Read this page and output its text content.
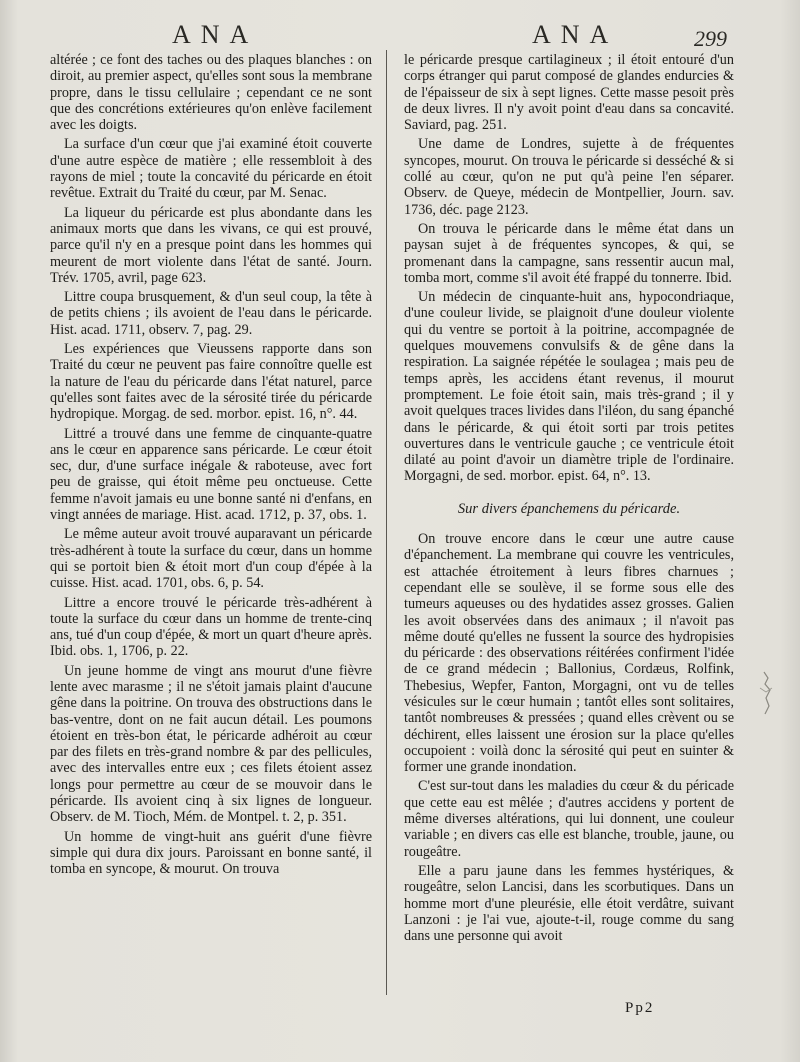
ANA	ANA	299

altérée ; ce font des taches ou des plaques blanches : on diroit, au premier aspect, qu'elles sont sous la membrane propre, dans le tissu cellulaire ; cependant ce ne sont que des concrétions extérieures qu'on enlève facilement avec les doigts.

La surface d'un cœur que j'ai examiné étoit couverte d'une autre espèce de matière ; elle ressembloit à des rayons de miel ; toute la concavité du péricarde en étoit revêtue. Extrait du Traité du cœur, par M. Senac.

La liqueur du péricarde est plus abondante dans les animaux morts que dans les vivans, ce qui est prouvé, parce qu'il n'y en a presque point dans les hommes qui meurent de mort violente dans l'état de santé. Journ. Trév. 1705, avril, page 623.

Littre coupa brusquement, & d'un seul coup, la tête à de petits chiens ; ils avoient de l'eau dans le péricarde. Hist. acad. 1711, observ. 7, pag. 29.

Les expériences que Vieussens rapporte dans son Traité du cœur ne peuvent pas faire connoître quelle est la nature de l'eau du péricarde dans l'état naturel, parce qu'elles sont faites avec de la sérosité tirée du péricarde hydropique. Morgag. de sed. morbor. epist. 16, n°. 44.

Littré a trouvé dans une femme de cinquante-quatre ans le cœur en apparence sans péricarde. Le cœur étoit sec, dur, d'une surface inégale & raboteuse, avec fort peu de graisse, qui étoit même peu onctueuse. Cette femme n'avoit jamais eu une bonne santé ni d'enfans, en vingt années de mariage. Hist. acad. 1712, p. 37, obs. 1.

Le même auteur avoit trouvé auparavant un péricarde très-adhérent à toute la surface du cœur, dans un homme qui se portoit bien & étoit mort d'un coup d'épée à la cuisse. Hist. acad. 1701, obs. 6, p. 54.

Littre a encore trouvé le péricarde très-adhérent à toute la surface du cœur dans un homme de trente-cinq ans, tué d'un coup d'épée, & mort un quart d'heure après. Ibid. obs. 1, 1706, p. 22.

Un jeune homme de vingt ans mourut d'une fièvre lente avec marasme ; il ne s'étoit jamais plaint d'aucune gêne dans la poitrine. On trouva des obstructions dans le bas-ventre, dont on ne fait aucun détail. Les poumons étoient en très-bon état, le péricarde adhéroit au cœur par des filets en très-grand nombre & par des pellicules, avec des intervalles entre eux ; ces filets étoient assez longs pour permettre au cœur de se mouvoir dans le péricarde. Ils avoient cinq à six lignes de longueur. Observ. de M. Tioch, Mém. de Montpel. t. 2, p. 351.

Un homme de vingt-huit ans guérit d'une fièvre simple qui dura dix jours. Paroissant en bonne santé, il tomba en syncope, & mourut. On trouva

le péricarde presque cartilagineux ; il étoit entouré d'un corps étranger qui parut composé de glandes endurcies & de l'épaisseur de six à sept lignes. Cette masse pesoit près de deux livres. Il n'y avoit point d'eau dans sa concavité. Saviard, pag. 251.

Une dame de Londres, sujette à de fréquentes syncopes, mourut. On trouva le péricarde si desséché & si collé au cœur, qu'on ne put qu'à peine l'en séparer. Observ. de Queye, médecin de Montpellier, Journ. sav. 1736, déc. page 2123.

On trouva le péricarde dans le même état dans un paysan sujet à de fréquentes syncopes, & qui, se promenant dans la campagne, sans ressentir aucun mal, tomba mort, comme s'il avoit été frappé du tonnerre. Ibid.

Un médecin de cinquante-huit ans, hypocondriaque, d'une couleur livide, se plaignoit d'une douleur violente qui du ventre se portoit à la poitrine, accompagnée de quelques mouvemens convulsifs & de gêne dans la respiration. La saignée répétée le soulagea ; mais peu de temps après, les accidens étant revenus, il mourut promptement. Le foie étoit sain, mais très-grand ; il y avoit quelques traces livides dans l'iléon, du sang épanché dans le péricarde, & qui étoit sorti par trois petites ouvertures dans le ventricule gauche ; ce ventricule étoit dilaté au point d'avoir un diamètre triple de l'ordinaire. Morgagni, de sed. morbor. epist. 64, n°. 13.

Sur divers épanchemens du péricarde.

On trouve encore dans le cœur une autre cause d'épanchement. La membrane qui couvre les ventricules, est attachée étroitement à leurs fibres charnues ; cependant elle se soulève, il se forme sous elle des tumeurs aqueuses ou des hydatides assez grosses. Galien les avoit observées dans des animaux ; il n'avoit pas même douté qu'elles ne fussent la source des hydropisies du péricarde : des observations réitérées confirment l'idée de ce grand médecin ; Ballonius, Cordæus, Rolfink, Thebesius, Wepfer, Fanton, Morgagni, ont vu de telles vésicules sur le cœur humain ; tantôt elles sont solitaires, tantôt nombreuses & pressées ; quand elles crèvent ou se déchirent, elles laissent une érosion sur la place qu'elles occupoient : voilà donc la sérosité qui peut en suinter & former une grande inondation.

C'est sur-tout dans les maladies du cœur & du péricade que cette eau est mêlée ; d'autres accidens y portent de même diverses altérations, qui lui donnent, une couleur variable ; en divers cas elle est blanche, trouble, jaune, ou rougeâtre.

Elle a paru jaune dans les femmes hystériques, & rougeâtre, selon Lancisi, dans les scorbutiques. Dans un homme mort d'une pleurésie, elle étoit verdâtre, suivant Lanzoni : je l'ai vue, ajoute-t-il, rouge comme du sang dans une personne qui avoit

Pp2
